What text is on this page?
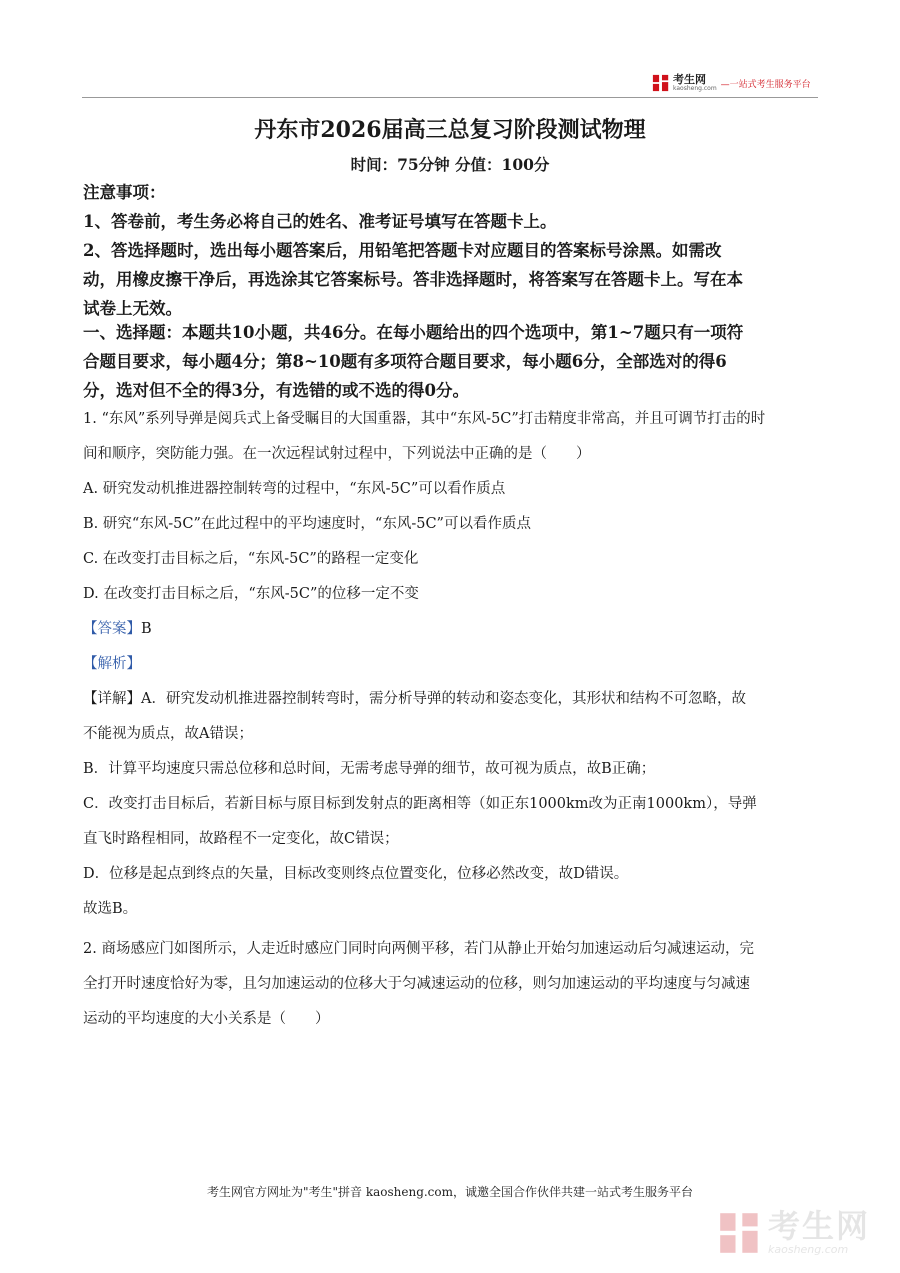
考生网
kaosheng.com —一站式考生服务平台
丹东市2026届高三总复习阶段测试物理
时间：75分钟 分值：100分
注意事项：
1、答卷前，考生务必将自己的姓名、准考证号填写在答题卡上。
2、答选择题时，选出每小题答案后，用铅笔把答题卡对应题目的答案标号涂黑。如需改
动，用橡皮擦干净后，再选涂其它答案标号。答非选择题时，将答案写在答题卡上。写在本
试卷上无效。
一、选择题：本题共10小题，共46分。在每小题给出的四个选项中，第1~7题只有一项符
合题目要求，每小题4分；第8~10题有多项符合题目要求，每小题6分，全部选对的得6
分，选对但不全的得3分，有选错的或不选的得0分。
1. “东风”系列导弹是阅兵式上备受瞩目的大国重器，其中“东风-5C”打击精度非常高，并且可调节打击的时
间和顺序，突防能力强。在一次远程试射过程中，下列说法中正确的是（　　）
A. 研究发动机推进器控制转弯的过程中，“东风-5C”可以看作质点
B. 研究“东风-5C”在此过程中的平均速度时，“东风-5C”可以看作质点
C. 在改变打击目标之后，“东风-5C”的路程一定变化
D. 在改变打击目标之后，“东风-5C”的位移一定不变
【答案】B
【解析】
【详解】A．研究发动机推进器控制转弯时，需分析导弹的转动和姿态变化，其形状和结构不可忽略，故
不能视为质点，故A错误；
B．计算平均速度只需总位移和总时间，无需考虑导弹的细节，故可视为质点，故B正确；
C．改变打击目标后，若新目标与原目标到发射点的距离相等（如正东1000km改为正南1000km），导弹
直飞时路程相同，故路程不一定变化，故C错误；
D．位移是起点到终点的矢量，目标改变则终点位置变化，位移必然改变，故D错误。
故选B。
2. 商场感应门如图所示，人走近时感应门同时向两侧平移，若门从静止开始匀加速运动后匀减速运动，完
全打开时速度恰好为零，且匀加速运动的位移大于匀减速运动的位移，则匀加速运动的平均速度与匀减速
运动的平均速度的大小关系是（　　）
考生网官方网址为"考生"拼音 kaosheng.com，诚邀全国合作伙伴共建一站式考生服务平台
考生网
kaosheng.com
